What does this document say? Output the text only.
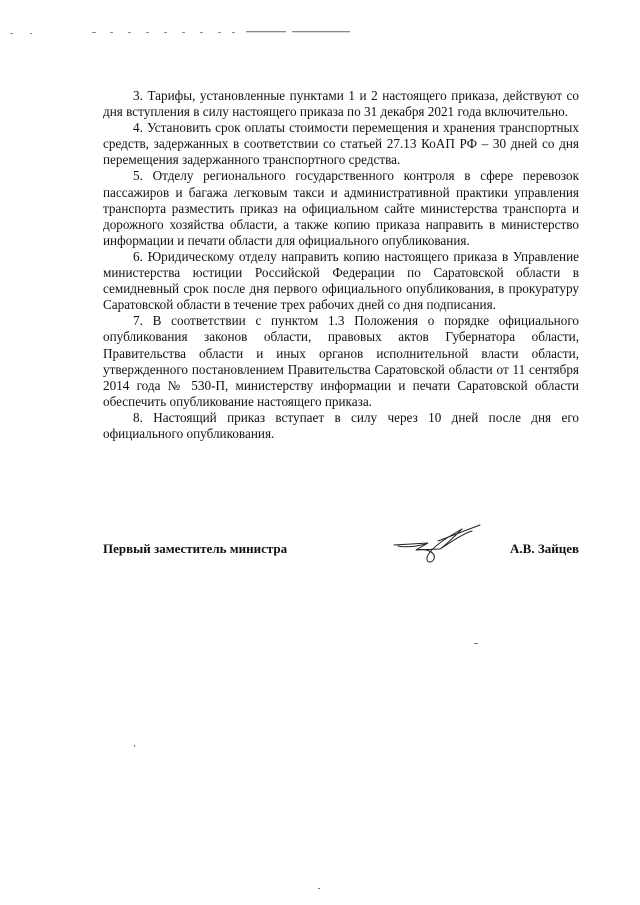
3. Тарифы, установленные пунктами 1 и 2 настоящего приказа, действуют со дня вступления в силу настоящего приказа по 31 декабря 2021 года включительно.

4. Установить срок оплаты стоимости перемещения и хранения транспортных средств, задержанных в соответствии со статьей 27.13 КоАП РФ – 30 дней со дня перемещения задержанного транспортного средства.

5. Отделу регионального государственного контроля в сфере перевозок пассажиров и багажа легковым такси и административной практики управления транспорта разместить приказ на официальном сайте министерства транспорта и дорожного хозяйства области, а также копию приказа направить в министерство информации и печати области для официального опубликования.

6. Юридическому отделу направить копию настоящего приказа в Управление министерства юстиции Российской Федерации по Саратовской области в семидневный срок после дня первого официального опубликования, в прокуратуру Саратовской области в течение трех рабочих дней со дня подписания.

7. В соответствии с пунктом 1.3 Положения о порядке официального опубликования законов области, правовых актов Губернатора области, Правительства области и иных органов исполнительной власти области, утвержденного постановлением Правительства Саратовской области от 11 сентября 2014 года № 530-П, министерству информации и печати Саратовской области обеспечить опубликование настоящего приказа.

8. Настоящий приказ вступает в силу через 10 дней после дня его официального опубликования.

Первый заместитель министра	А.В. Зайцев
